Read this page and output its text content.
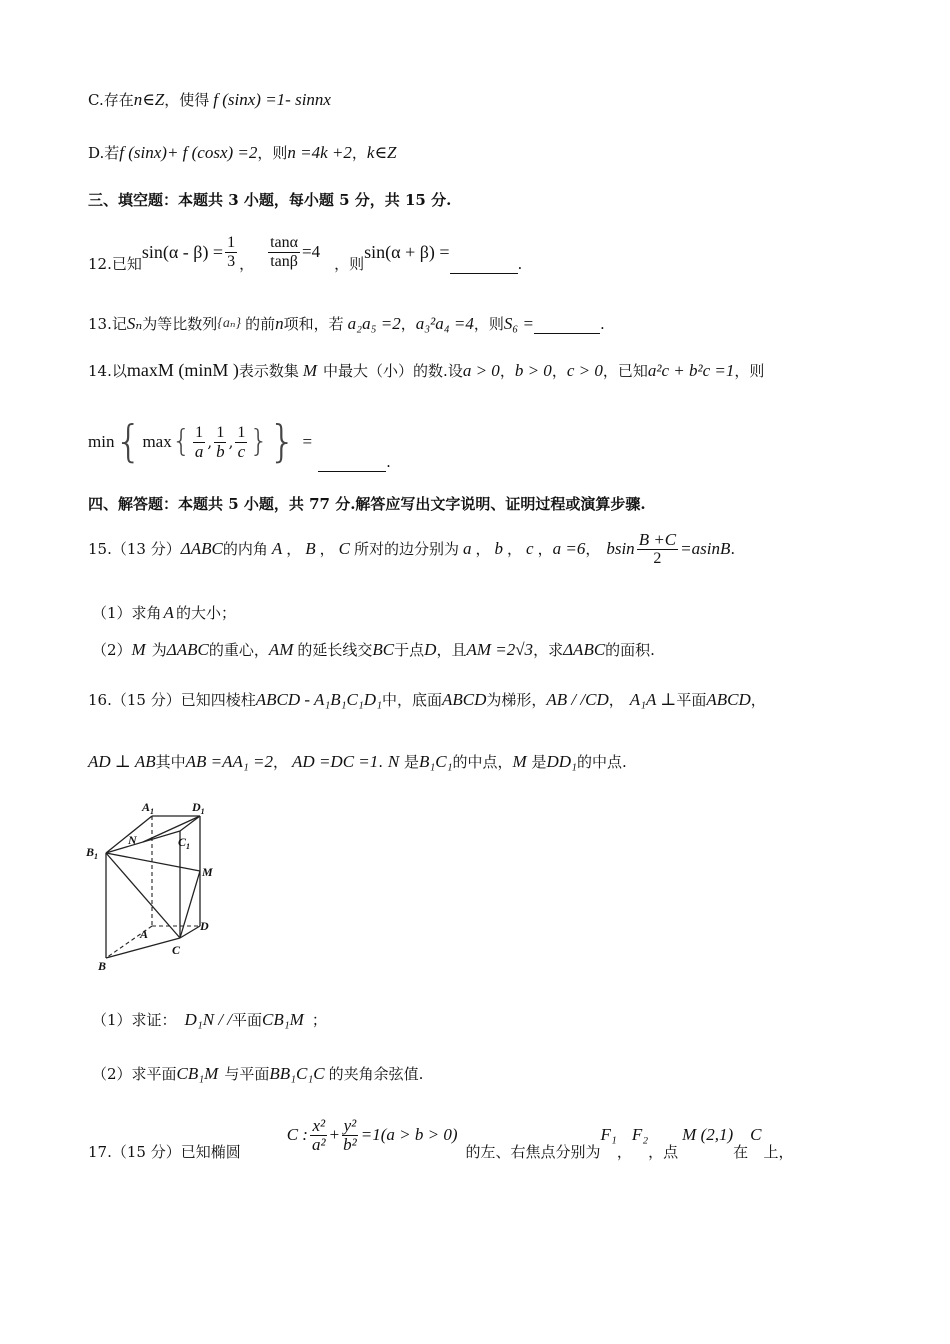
C.存在n∈Z，使得 f (sinx) =1- sinnx
D.若f (sinx)+ f (cosx) =2，则n =4k +2，k∈Z
三、填空题：本题共 3 小题，每小题 5 分，共 15 分.
12.已知
$\sin(\alpha - \beta) = \frac{1}{3}$ ， $\frac{\tan\alpha}{\tan\beta} =4$
，则
sin(α + β) =
.
13.记 Sₙ 为等比数列 {aₙ} 的前 n 项和，若 a₂a₅ =2 ， a₃²a₄ =4 ，则 S₆ =	.
14.以maxM (minM )表示数集 M 中最大（小）的数.设a > 0，b > 0，c > 0，已知a²c + b²c =1，则
min { max { $\frac{1}{a}$ , $\frac{1}{b}$ , $\frac{1}{c}$ } } =
.
四、解答题：本题共 5 小题，共 77 分.解答应写出文字说明、证明过程或演算步骤.
15.（13 分） ΔABC 的内角 A ， B ， C 所对的边分别为 a ， b ， c ， a =6 ， bsin $\frac{B +C}{2} =asinB$ .
（1）求角 A 的大小；
（2）M 为ΔABC的重心，AM 的延长线交BC于点D，且AM =2√3，求ΔABC的面积.
16.（15 分）已知四棱柱ABCD - A₁B₁C₁D₁中，底面ABCD为梯形，AB / /CD， A₁A ⊥平面ABCD，
AD ⊥ AB其中AB =AA₁ =2， AD =DC =1. N 是B₁C₁的中点，M 是DD₁的中点.
$A_1$	$D_1$
$B_1$
N	$C_1$
M
A
D
C
B
（1）求证： D₁N / /平面CB₁M ；
（2）求平面CB₁M 与平面BB₁C₁C 的夹角余弦值.
17.（15 分）已知椭圆
C : $\frac{\text{x²}}{\text{a²}} + \frac{\text{y²}}{\text{b²}} =1(a > b > 0)$
的左、右焦点分别为
F₁
，
F₂
，点
M (2,1)
在
C
上，
